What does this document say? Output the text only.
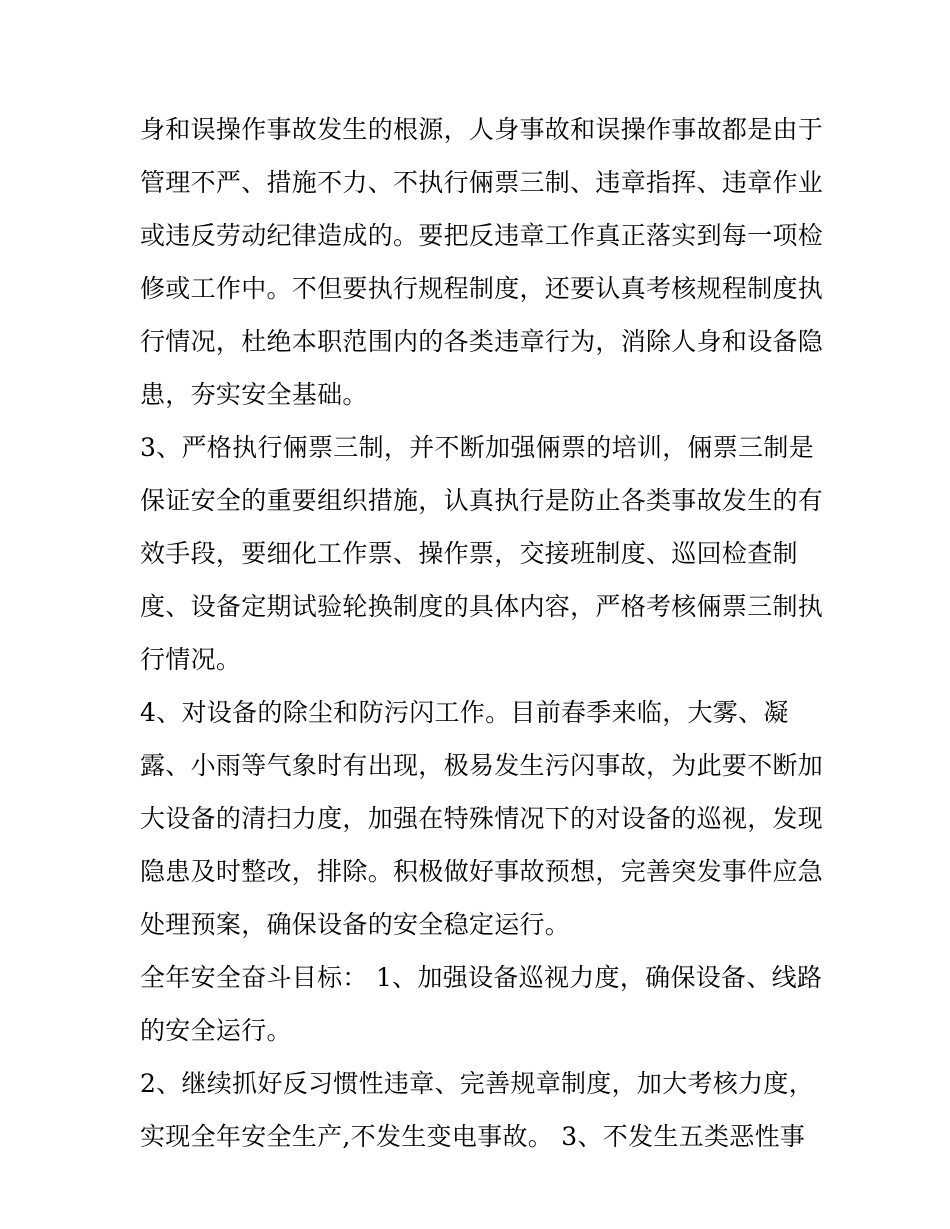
身和误操作事故发生的根源，人身事故和误操作事故都是由于
管理不严、措施不力、不执行倆票三制、违章指挥、违章作业
或违反劳动纪律造成的。要把反违章工作真正落实到每一项检
修或工作中。不但要执行规程制度，还要认真考核规程制度执
行情况，杜绝本职范围内的各类违章行为，消除人身和设备隐
患，夯实安全基础。
3、严格执行倆票三制，并不断加强倆票的培训，倆票三制是
保证安全的重要组织措施，认真执行是防止各类事故发生的有
效手段，要细化工作票、操作票，交接班制度、巡回检查制
度、设备定期试验轮换制度的具体内容，严格考核倆票三制执
行情况。
4、对设备的除尘和防污闪工作。目前春季来临，大雾、凝
露、小雨等气象时有出现，极易发生污闪事故，为此要不断加
大设备的清扫力度，加强在特殊情况下的对设备的巡视，发现
隐患及时整改，排除。积极做好事故预想，完善突发事件应急
处理预案，确保设备的安全稳定运行。
全年安全奋斗目标： 1、加强设备巡视力度，确保设备、线路
的安全运行。
2、继续抓好反习惯性违章、完善规章制度，加大考核力度，
实现全年安全生产,不发生变电事故。 3、不发生五类恶性事
